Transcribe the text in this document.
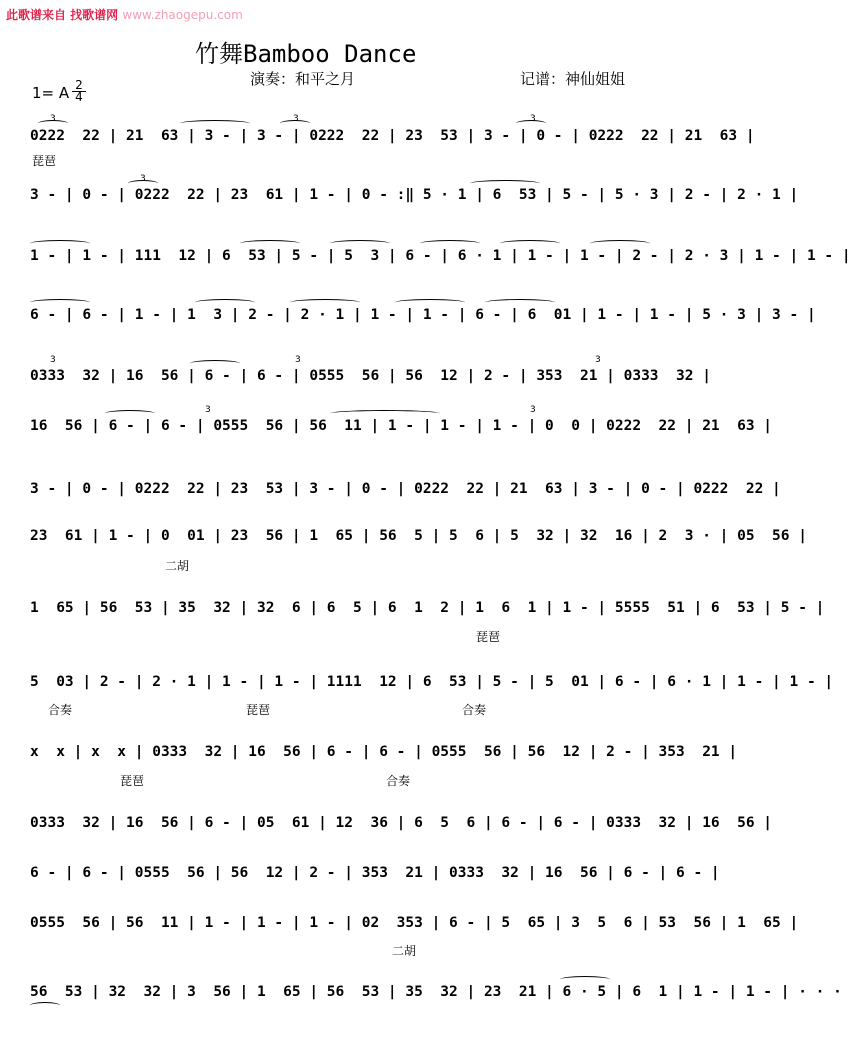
此歌谱来自 找歌谱网 www.zhaogepu.com
竹舞Bamboo Dance
演奏：和平之月	记谱：神仙姐姐
1= A $\frac{2}{4}$
0222  22 | 21  63 | 3 - | 3 - | 0222  22 | 23  53 | 3 - | 0 - | 0222  22 | 21  63 |
3 - | 0 - | 0222  22 | 23  61 | 1 - | 0 - :‖ 5 · 1 | 6  53 | 5 - | 5 · 3 | 2 - | 2 · 1 |
1 - | 1 - | 111  12 | 6  53 | 5 - | 5  3 | 6 - | 6 · 1 | 1 - | 1 - | 2 - | 2 · 3 | 1 - | 1 - |
6 - | 6 - | 1 - | 1  3 | 2 - | 2 · 1 | 1 - | 1 - | 6 - | 6  01 | 1 - | 1 - | 5 · 3 | 3 - |
0333  32 | 16  56 | 6 - | 6 - | 0555  56 | 56  12 | 2 - | 353  21 | 0333  32 |
16  56 | 6 - | 6 - | 0555  56 | 56  11 | 1 - | 1 - | 1 - | 0  0 | 0222  22 | 21  63 |
3 - | 0 - | 0222  22 | 23  53 | 3 - | 0 - | 0222  22 | 21  63 | 3 - | 0 - | 0222  22 |
23  61 | 1 - | 0  01 | 23  56 | 1  65 | 56  5 | 5  6 | 5  32 | 32  16 | 2  3 · | 05  56 |
1  65 | 56  53 | 35  32 | 32  6 | 6  5 | 6  1  2 | 1  6  1 | 1 - | 5555  51 | 6  53 | 5 - |
5  03 | 2 - | 2 · 1 | 1 - | 1 - | 1111  12 | 6  53 | 5 - | 5  01 | 6 - | 6 · 1 | 1 - | 1 - |
x  x | x  x | 0333  32 | 16  56 | 6 - | 6 - | 0555  56 | 56  12 | 2 - | 353  21 |
0333  32 | 16  56 | 6 - | 05  61 | 12  36 | 6  5  6 | 6 - | 6 - | 0333  32 | 16  56 |
6 - | 6 - | 0555  56 | 56  12 | 2 - | 353  21 | 0333  32 | 16  56 | 6 - | 6 - |
0555  56 | 56  11 | 1 - | 1 - | 1 - | 02  353 | 6 - | 5  65 | 3  5  6 | 53  56 | 1  65 |
56  53 | 32  32 | 3  56 | 1  65 | 56  53 | 35  32 | 23  21 | 6 · 5 | 6  1 | 1 - | 1 - | · · ·
3	3	3
3
3	3	3
3	3
琵琶
二胡
琵琶
合奏	琵琶	合奏
琵琶	合奏
二胡
